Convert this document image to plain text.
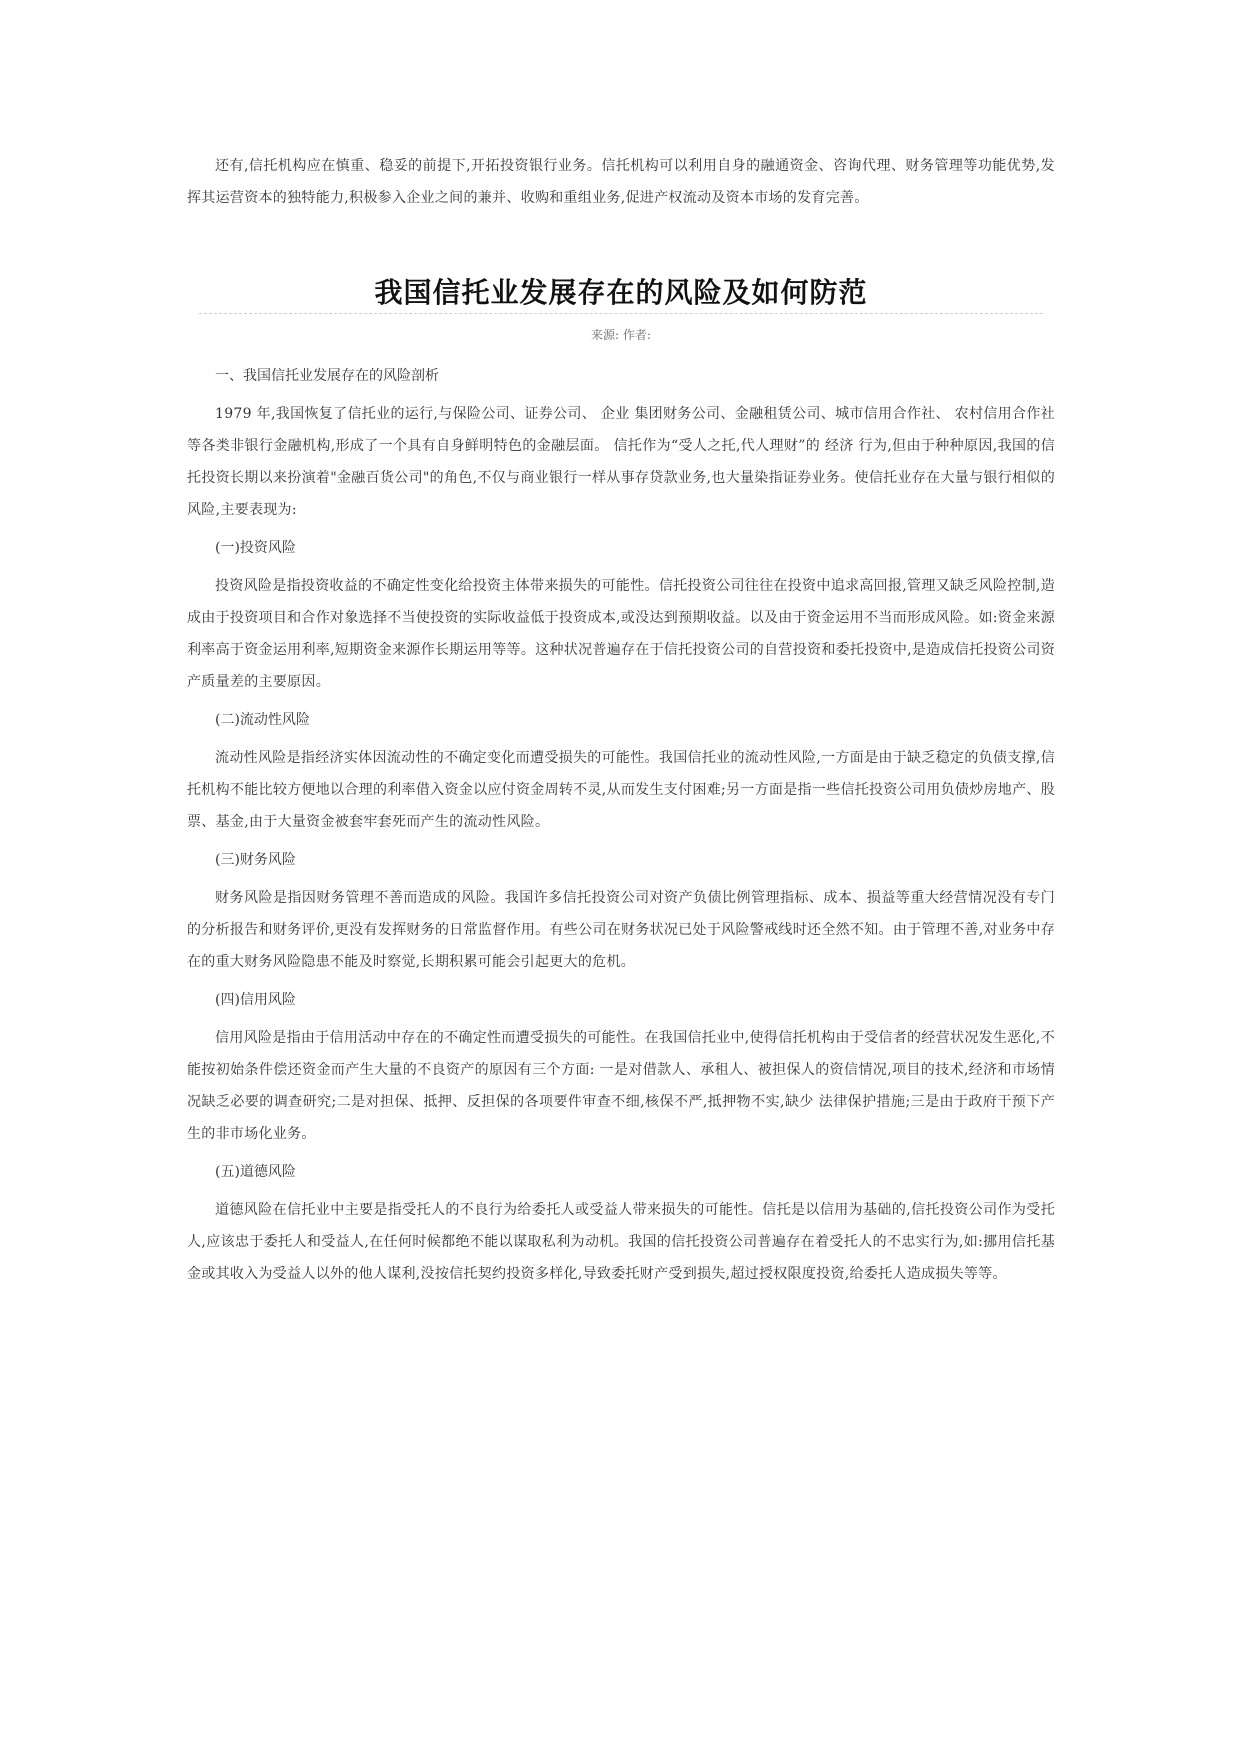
还有,信托机构应在慎重、稳妥的前提下,开拓投资银行业务。信托机构可以利用自身的融通资金、咨询代理、财务管理等功能优势,发挥其运营资本的独特能力,积极参入企业之间的兼并、收购和重组业务,促进产权流动及资本市场的发育完善。

我国信托业发展存在的风险及如何防范
来源: 作者:

一、我国信托业发展存在的风险剖析

1979 年,我国恢复了信托业的运行,与保险公司、证券公司、 企业 集团财务公司、金融租赁公司、城市信用合作社、 农村信用合作社等各类非银行金融机构,形成了一个具有自身鲜明特色的金融层面。 信托作为“受人之托,代人理财”的 经济 行为,但由于种种原因,我国的信托投资长期以来扮演着"金融百货公司"的角色,不仅与商业银行一样从事存贷款业务,也大量染指证券业务。使信托业存在大量与银行相似的风险,主要表现为:

(一)投资风险

投资风险是指投资收益的不确定性变化给投资主体带来损失的可能性。信托投资公司往往在投资中追求高回报,管理又缺乏风险控制,造成由于投资项目和合作对象选择不当使投资的实际收益低于投资成本,或没达到预期收益。以及由于资金运用不当而形成风险。如:资金来源利率高于资金运用利率,短期资金来源作长期运用等等。这种状况普遍存在于信托投资公司的自营投资和委托投资中,是造成信托投资公司资产质量差的主要原因。

(二)流动性风险

流动性风险是指经济实体因流动性的不确定变化而遭受损失的可能性。我国信托业的流动性风险,一方面是由于缺乏稳定的负债支撑,信托机构不能比较方便地以合理的利率借入资金以应付资金周转不灵,从而发生支付困难;另一方面是指一些信托投资公司用负债炒房地产、股票、基金,由于大量资金被套牢套死而产生的流动性风险。

(三)财务风险

财务风险是指因财务管理不善而造成的风险。我国许多信托投资公司对资产负债比例管理指标、成本、损益等重大经营情况没有专门的分析报告和财务评价,更没有发挥财务的日常监督作用。有些公司在财务状况已处于风险警戒线时还全然不知。由于管理不善,对业务中存在的重大财务风险隐患不能及时察觉,长期积累可能会引起更大的危机。

(四)信用风险

信用风险是指由于信用活动中存在的不确定性而遭受损失的可能性。在我国信托业中,使得信托机构由于受信者的经营状况发生恶化,不能按初始条件偿还资金而产生大量的不良资产的原因有三个方面: 一是对借款人、承租人、被担保人的资信情况,项目的技术,经济和市场情况缺乏必要的调查研究;二是对担保、抵押、反担保的各项要件审查不细,核保不严,抵押物不实,缺少 法律保护措施;三是由于政府干预下产生的非市场化业务。

(五)道德风险

道德风险在信托业中主要是指受托人的不良行为给委托人或受益人带来损失的可能性。信托是以信用为基础的,信托投资公司作为受托人,应该忠于委托人和受益人,在任何时候都绝不能以谋取私利为动机。我国的信托投资公司普遍存在着受托人的不忠实行为,如:挪用信托基金或其收入为受益人以外的他人谋利,没按信托契约投资多样化,导致委托财产受到损失,超过授权限度投资,给委托人造成损失等等。
